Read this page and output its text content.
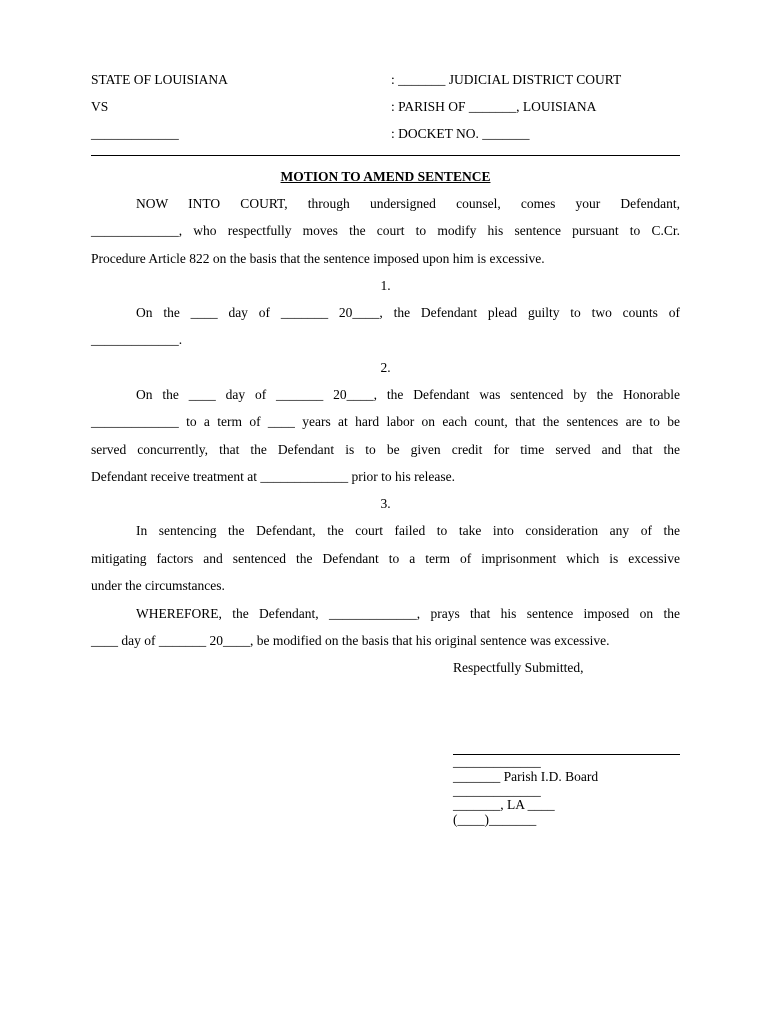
STATE OF LOUISIANA	: _______ JUDICIAL DISTRICT COURT
VS	: PARISH OF _______, LOUISIANA
_____________	: DOCKET NO. _______
MOTION TO AMEND SENTENCE
NOW INTO COURT, through undersigned counsel, comes your Defendant,
_____________, who respectfully moves the court to modify his sentence pursuant to C.Cr.
Procedure Article 822 on the basis that the sentence imposed upon him is excessive.
1.
On the ____ day of _______ 20____, the Defendant plead guilty to two counts of
_____________.
2.
On the ____ day of _______ 20____, the Defendant was sentenced by the Honorable
_____________ to a term of ____ years at hard labor on each count, that the sentences are to be
served concurrently, that the Defendant is to be given credit for time served and that the
Defendant receive treatment at _____________ prior to his release.
3.
In sentencing the Defendant, the court failed to take into consideration any of the
mitigating factors and sentenced the Defendant to a term of imprisonment which is excessive
under the circumstances.
WHEREFORE, the Defendant, _____________, prays that his sentence imposed on the
____ day of _______ 20____, be modified on the basis that his original sentence was excessive.
Respectfully Submitted,
_____________
_______ Parish I.D. Board
_____________
_______, LA ____
(____)_______
